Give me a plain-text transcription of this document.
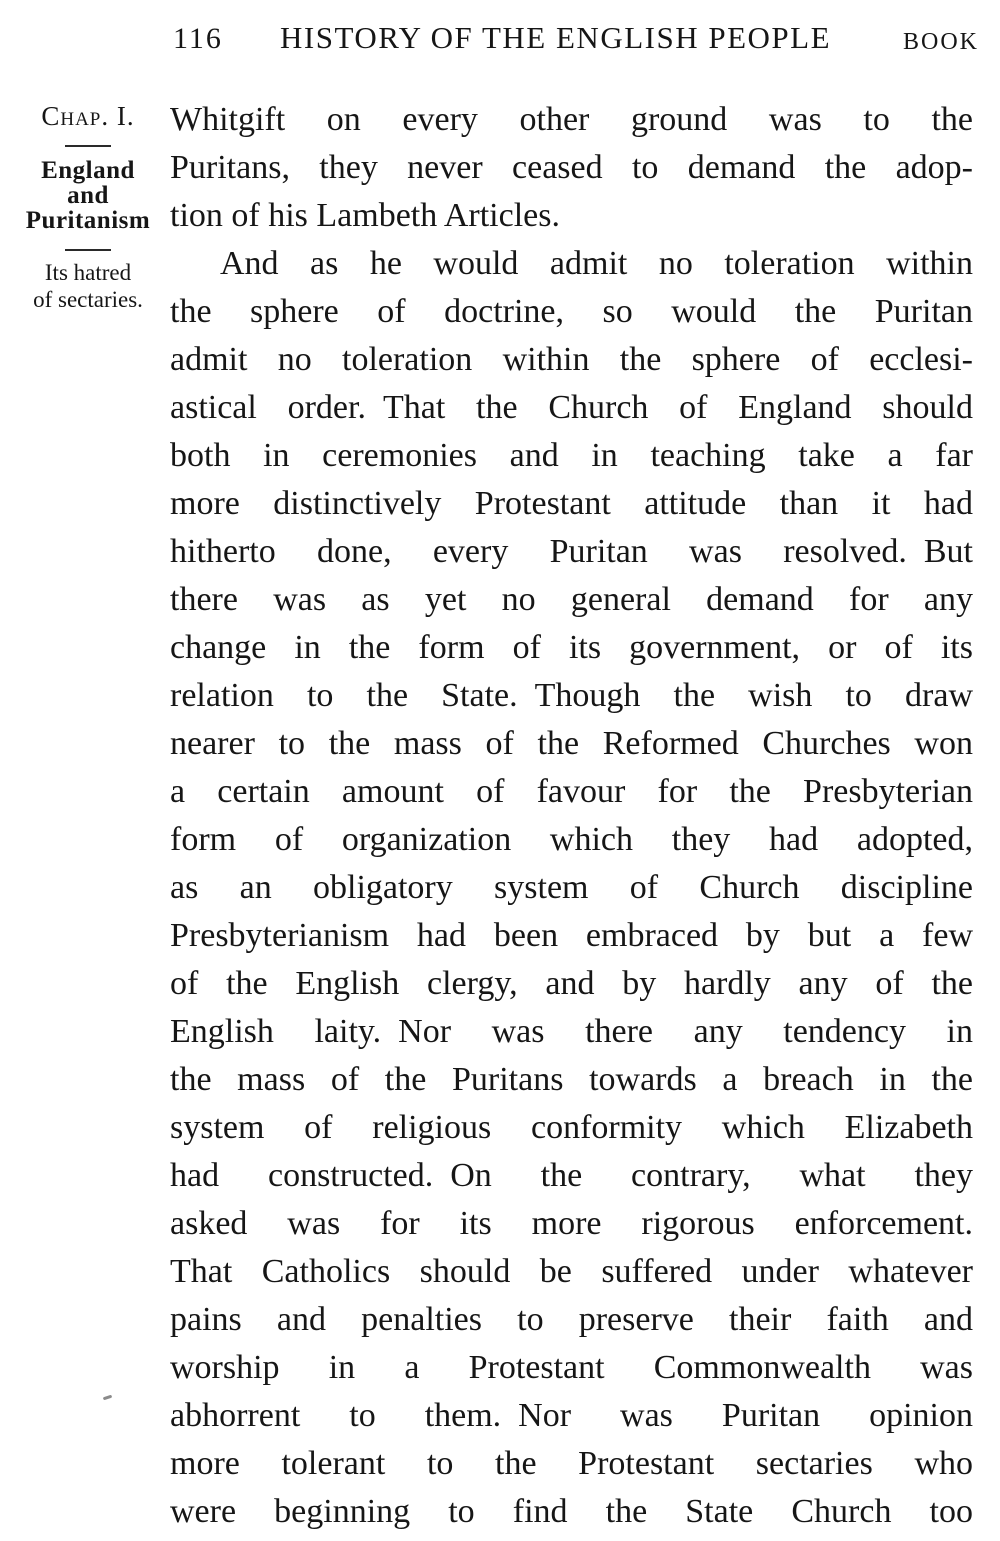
116 HISTORY OF THE ENGLISH PEOPLE	BOOK
Chap. I.
England
and
Puritanism
Its hatred
of sectaries.
Whitgift on every other ground was to the
Puritans, they never ceased to demand the adop-
tion of his Lambeth Articles.
And as he would admit no toleration within
the sphere of doctrine, so would the Puritan
admit no toleration within the sphere of ecclesi-
astical order. That the Church of England should
both in ceremonies and in teaching take a far
more distinctively Protestant attitude than it had
hitherto done, every Puritan was resolved. But
there was as yet no general demand for any
change in the form of its government, or of its
relation to the State. Though the wish to draw
nearer to the mass of the Reformed Churches won
a certain amount of favour for the Presbyterian
form of organization which they had adopted,
as an obligatory system of Church discipline
Presbyterianism had been embraced by but a few
of the English clergy, and by hardly any of the
English laity. Nor was there any tendency in
the mass of the Puritans towards a breach in the
system of religious conformity which Elizabeth
had constructed. On the contrary, what they
asked was for its more rigorous enforcement.
That Catholics should be suffered under whatever
pains and penalties to preserve their faith and
worship in a Protestant Commonwealth was
abhorrent to them. Nor was Puritan opinion
more tolerant to the Protestant sectaries who
were beginning to find the State Church too
